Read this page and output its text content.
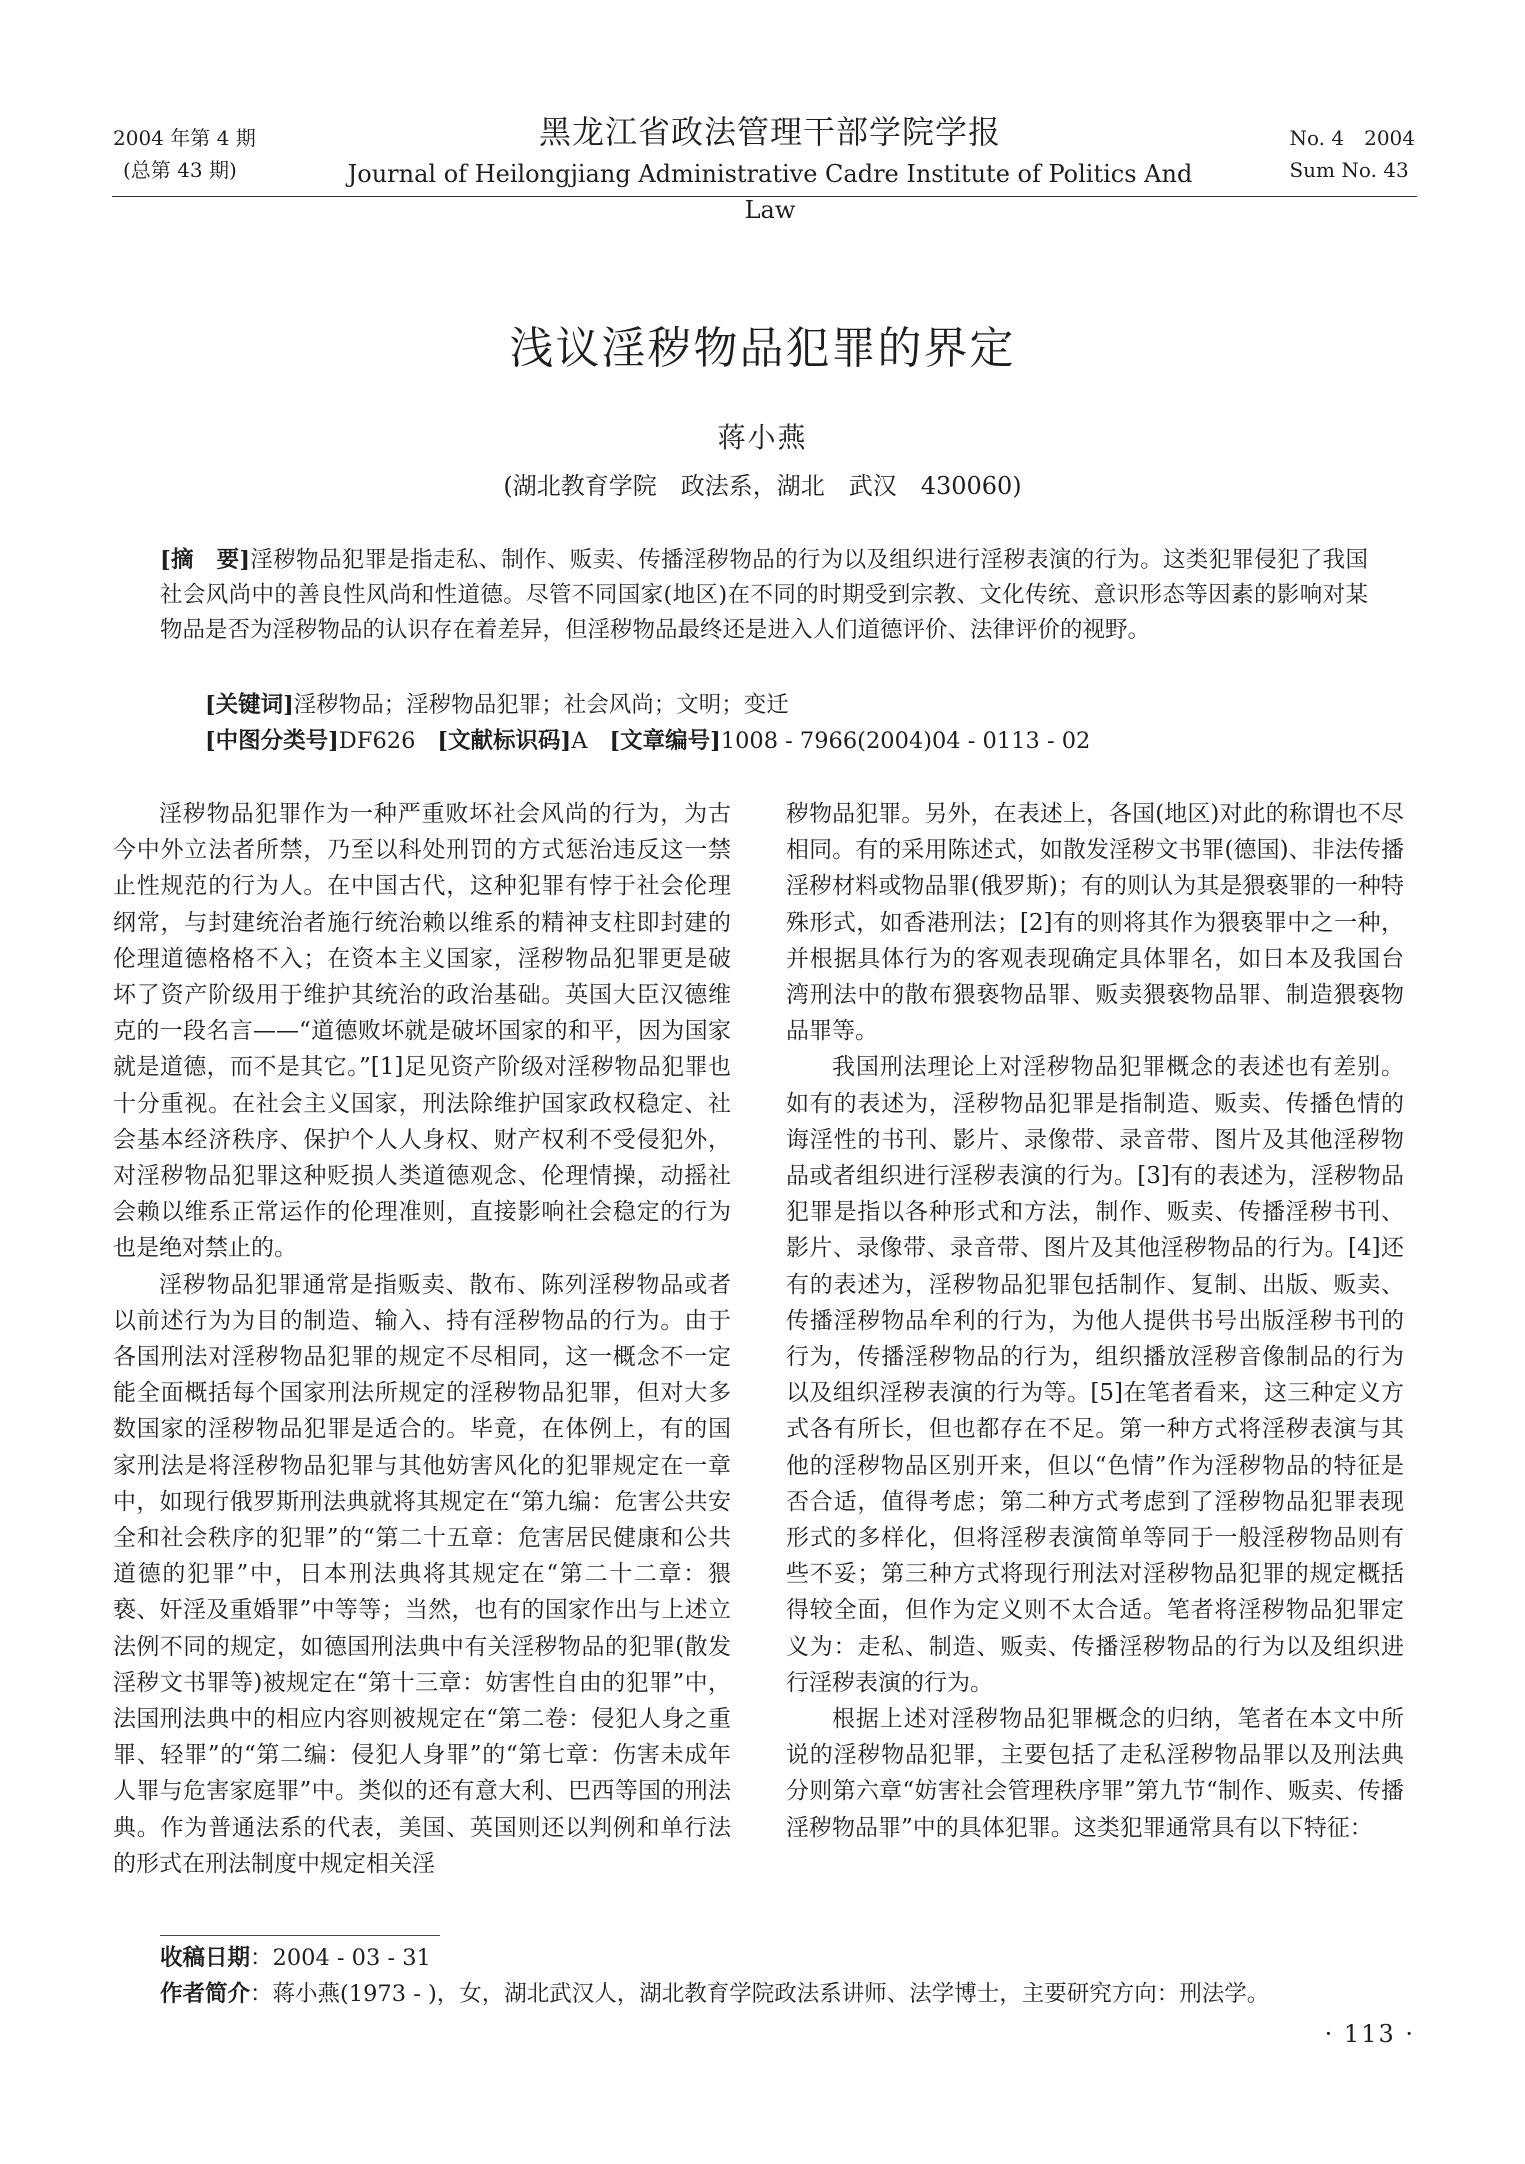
2004 年第 4 期
(总第 43 期)
黑龙江省政法管理干部学院学报
Journal of Heilongjiang Administrative Cadre Institute of Politics And Law
No. 4　2004
Sum No. 43
浅议淫秽物品犯罪的界定
蒋小燕
(湖北教育学院　政法系，湖北　武汉　430060)
[摘　要]淫秽物品犯罪是指走私、制作、贩卖、传播淫秽物品的行为以及组织进行淫秽表演的行为。这类犯罪侵犯了我国社会风尚中的善良性风尚和性道德。尽管不同国家(地区)在不同的时期受到宗教、文化传统、意识形态等因素的影响对某物品是否为淫秽物品的认识存在着差异，但淫秽物品最终还是进入人们道德评价、法律评价的视野。
[关键词]淫秽物品；淫秽物品犯罪；社会风尚；文明；变迁
[中图分类号]DF626 [文献标识码]A [文章编号]1008 - 7966(2004)04 - 0113 - 02

淫秽物品犯罪作为一种严重败坏社会风尚的行为，为古今中外立法者所禁，乃至以科处刑罚的方式惩治违反这一禁止性规范的行为人。在中国古代，这种犯罪有悖于社会伦理纲常，与封建统治者施行统治赖以维系的精神支柱即封建的伦理道德格格不入；在资本主义国家，淫秽物品犯罪更是破坏了资产阶级用于维护其统治的政治基础。英国大臣汉德维克的一段名言——“道德败坏就是破坏国家的和平，因为国家就是道德，而不是其它。”[1]足见资产阶级对淫秽物品犯罪也十分重视。在社会主义国家，刑法除维护国家政权稳定、社会基本经济秩序、保护个人人身权、财产权利不受侵犯外，对淫秽物品犯罪这种贬损人类道德观念、伦理情操，动摇社会赖以维系正常运作的伦理准则，直接影响社会稳定的行为也是绝对禁止的。

淫秽物品犯罪通常是指贩卖、散布、陈列淫秽物品或者以前述行为为目的制造、输入、持有淫秽物品的行为。由于各国刑法对淫秽物品犯罪的规定不尽相同，这一概念不一定能全面概括每个国家刑法所规定的淫秽物品犯罪，但对大多数国家的淫秽物品犯罪是适合的。毕竟，在体例上，有的国家刑法是将淫秽物品犯罪与其他妨害风化的犯罪规定在一章中，如现行俄罗斯刑法典就将其规定在“第九编：危害公共安全和社会秩序的犯罪”的“第二十五章：危害居民健康和公共道德的犯罪”中，日本刑法典将其规定在“第二十二章：猥亵、奸淫及重婚罪”中等等；当然，也有的国家作出与上述立法例不同的规定，如德国刑法典中有关淫秽物品的犯罪(散发淫秽文书罪等)被规定在“第十三章：妨害性自由的犯罪”中，法国刑法典中的相应内容则被规定在“第二卷：侵犯人身之重罪、轻罪”的“第二编：侵犯人身罪”的“第七章：伤害未成年人罪与危害家庭罪”中。类似的还有意大利、巴西等国的刑法典。作为普通法系的代表，美国、英国则还以判例和单行法的形式在刑法制度中规定相关淫

秽物品犯罪。另外，在表述上，各国(地区)对此的称谓也不尽相同。有的采用陈述式，如散发淫秽文书罪(德国)、非法传播淫秽材料或物品罪(俄罗斯)；有的则认为其是猥亵罪的一种特殊形式，如香港刑法；[2]有的则将其作为猥亵罪中之一种，并根据具体行为的客观表现确定具体罪名，如日本及我国台湾刑法中的散布猥亵物品罪、贩卖猥亵物品罪、制造猥亵物品罪等。

我国刑法理论上对淫秽物品犯罪概念的表述也有差别。如有的表述为，淫秽物品犯罪是指制造、贩卖、传播色情的诲淫性的书刊、影片、录像带、录音带、图片及其他淫秽物品或者组织进行淫秽表演的行为。[3]有的表述为，淫秽物品犯罪是指以各种形式和方法，制作、贩卖、传播淫秽书刊、影片、录像带、录音带、图片及其他淫秽物品的行为。[4]还有的表述为，淫秽物品犯罪包括制作、复制、出版、贩卖、传播淫秽物品牟利的行为，为他人提供书号出版淫秽书刊的行为，传播淫秽物品的行为，组织播放淫秽音像制品的行为以及组织淫秽表演的行为等。[5]在笔者看来，这三种定义方式各有所长，但也都存在不足。第一种方式将淫秽表演与其他的淫秽物品区别开来，但以“色情”作为淫秽物品的特征是否合适，值得考虑；第二种方式考虑到了淫秽物品犯罪表现形式的多样化，但将淫秽表演简单等同于一般淫秽物品则有些不妥；第三种方式将现行刑法对淫秽物品犯罪的规定概括得较全面，但作为定义则不太合适。笔者将淫秽物品犯罪定义为：走私、制造、贩卖、传播淫秽物品的行为以及组织进行淫秽表演的行为。

根据上述对淫秽物品犯罪概念的归纳，笔者在本文中所说的淫秽物品犯罪，主要包括了走私淫秽物品罪以及刑法典分则第六章“妨害社会管理秩序罪”第九节“制作、贩卖、传播淫秽物品罪”中的具体犯罪。这类犯罪通常具有以下特征：

收稿日期：2004 - 03 - 31
作者简介：蒋小燕(1973 - )，女，湖北武汉人，湖北教育学院政法系讲师、法学博士，主要研究方向：刑法学。
· 113 ·
